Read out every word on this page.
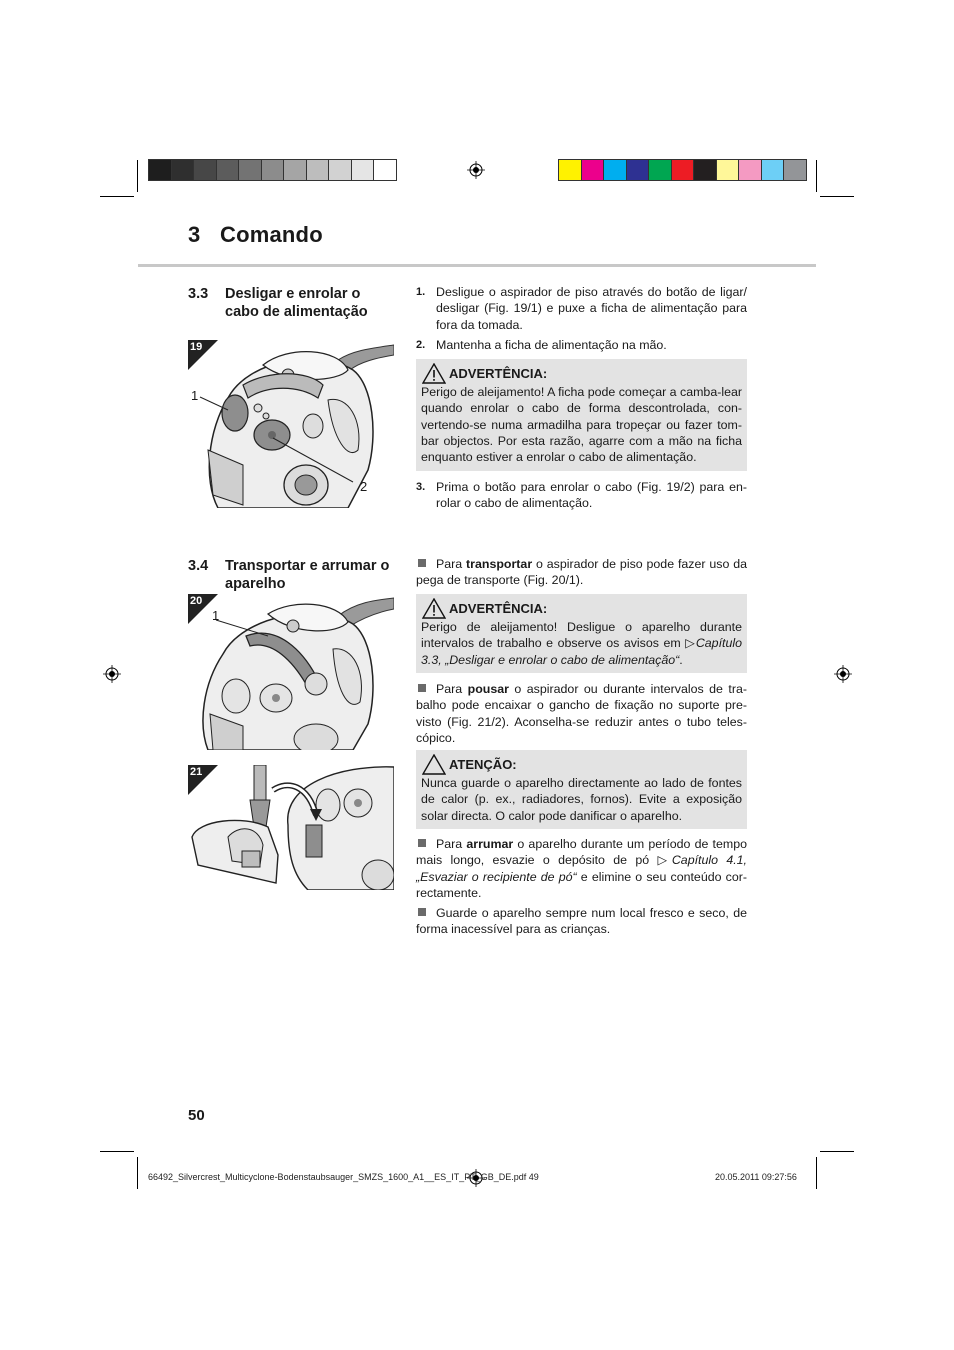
3 Comando
3.3 Desligar e enrolar o cabo de alimentação
19
1
2
1. Desligue o aspirador de piso através do botão de ligar/ desligar (Fig. 19/1) e puxe a ficha de alimentação para fora da tomada.
2. Mantenha a ficha de alimentação na mão.
ADVERTÊNCIA:
Perigo de aleijamento! A ficha pode começar a camba-lear quando enrolar o cabo de forma descontrolada, con-vertendo-se numa armadilha para tropeçar ou fazer tom-bar objectos. Por esta razão, agarre com a mão na ficha enquanto estiver a enrolar o cabo de alimentação.
3. Prima o botão para enrolar o cabo (Fig. 19/2) para en-rolar o cabo de alimentação.
3.4 Transportar e arrumar o aparelho
20
1
21
Para transportar o aspirador de piso pode fazer uso da pega de transporte (Fig. 20/1).
ADVERTÊNCIA:
Perigo de aleijamento! Desligue o aparelho durante intervalos de trabalho e observe os avisos em ▷Capítulo 3.3, „Desligar e enrolar o cabo de alimentação“.
Para pousar o aspirador ou durante intervalos de tra-balho pode encaixar o gancho de fixação no suporte pre-visto (Fig. 21/2). Aconselha-se reduzir antes o tubo teles-cópico.
ATENÇÃO:
Nunca guarde o aparelho directamente ao lado de fontes de calor (p. ex., radiadores, fornos). Evite a exposição solar directa. O calor pode danificar o aparelho.
Para arrumar o aparelho durante um período de tempo mais longo, esvazie o depósito de pó ▷Capítulo 4.1, „Esvaziar o recipiente de pó“ e elimine o seu conteúdo cor-rectamente.
Guarde o aparelho sempre num local fresco e seco, de forma inacessível para as crianças.
50
66492_Silvercrest_Multicyclone-Bodenstaubsauger_SMZS_1600_A1__ES_IT_PT_GB_DE.pdf 49	20.05.2011 09:27:56
